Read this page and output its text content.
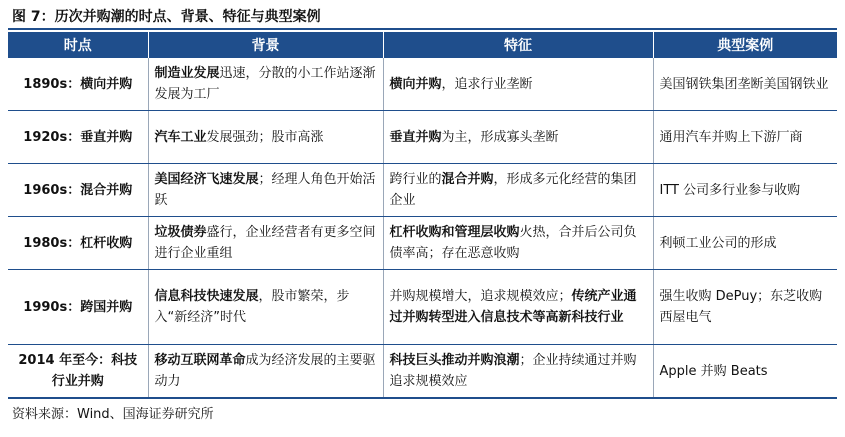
图 7：历次并购潮的时点、背景、特征与典型案例
时点	背景	特征	典型案例
1890s：横向并购	制造业发展迅速，分散的小工作站逐渐发展为工厂	横向并购，追求行业垄断	美国钢铁集团垄断美国钢铁业
1920s：垂直并购	汽车工业发展强劲；股市高涨	垂直并购为主，形成寡头垄断	通用汽车并购上下游厂商
1960s：混合并购	美国经济飞速发展；经理人角色开始活跃	跨行业的混合并购，形成多元化经营的集团企业	ITT 公司多行业参与收购
1980s：杠杆收购	垃圾债券盛行，企业经营者有更多空间进行企业重组	杠杆收购和管理层收购火热，合并后公司负债率高；存在恶意收购	利顿工业公司的形成
1990s：跨国并购	信息科技快速发展，股市繁荣，步入“新经济”时代	并购规模增大，追求规模效应；传统产业通过并购转型进入信息技术等高新科技行业	强生收购 DePuy；东芝收购西屋电气
2014 年至今：科技行业并购	移动互联网革命成为经济发展的主要驱动力	科技巨头推动并购浪潮；企业持续通过并购追求规模效应	Apple 并购 Beats
资料来源：Wind、国海证券研究所
